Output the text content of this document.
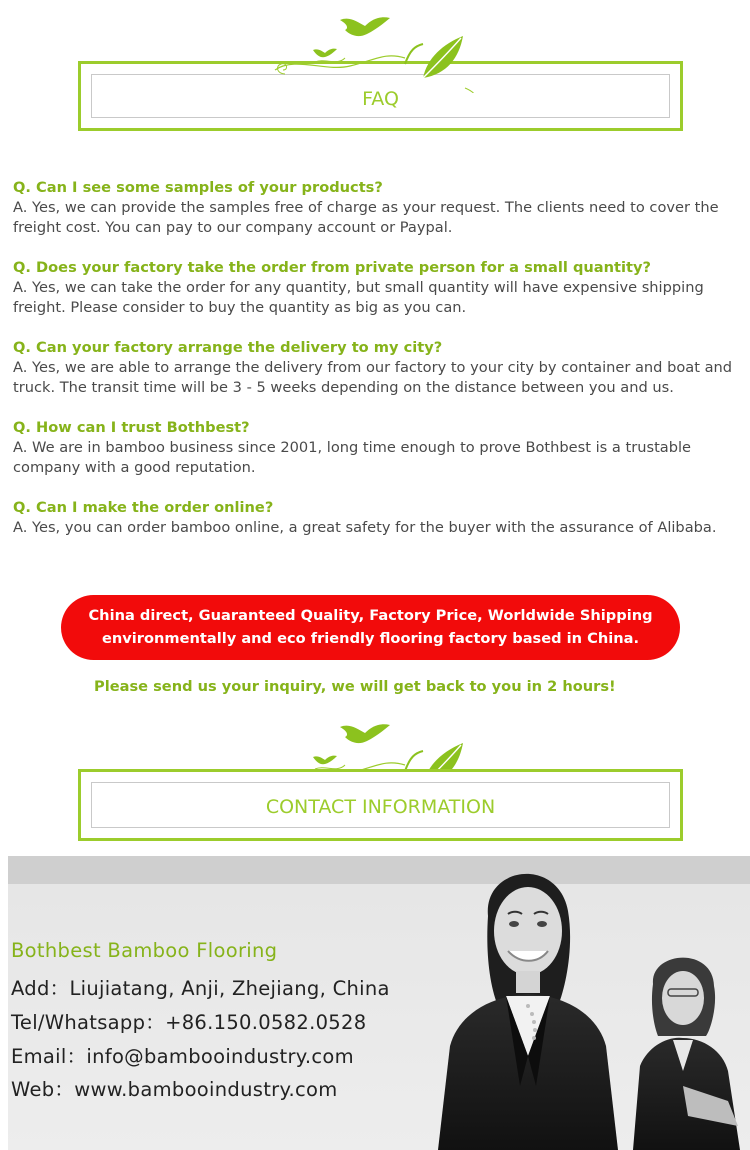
FAQ
Q. Can I see some samples of your products?
A. Yes, we can provide the samples free of charge as your request. The clients need to cover the freight cost. You can pay to our company account or Paypal.
Q. Does your factory take the order from private person for a small quantity?
A. Yes, we can take the order for any quantity, but small quantity will have expensive shipping freight. Please consider to buy the quantity as big as you can.
Q. Can your factory arrange the delivery to my city?
A. Yes, we are able to arrange the delivery from our factory to your city by container and boat and truck. The transit time will be 3 - 5 weeks depending on the distance between you and us.
Q. How can I trust Bothbest?
A. We are in bamboo business since 2001, long time enough to prove Bothbest is a trustable company with a good reputation.
Q. Can I make the order online?
A. Yes, you can order bamboo online, a great safety for the buyer with the assurance of Alibaba.
China direct, Guaranteed Quality, Factory Price, Worldwide Shipping
environmentally and eco friendly flooring factory based in China.
Please send us your inquiry, we will get back to you in 2 hours!
CONTACT INFORMATION
Bothbest Bamboo Flooring
Add：Liujiatang, Anji, Zhejiang, China
Tel/Whatsapp：+86.150.0582.0528
Email：info@bambooindustry.com
Web：www.bambooindustry.com
